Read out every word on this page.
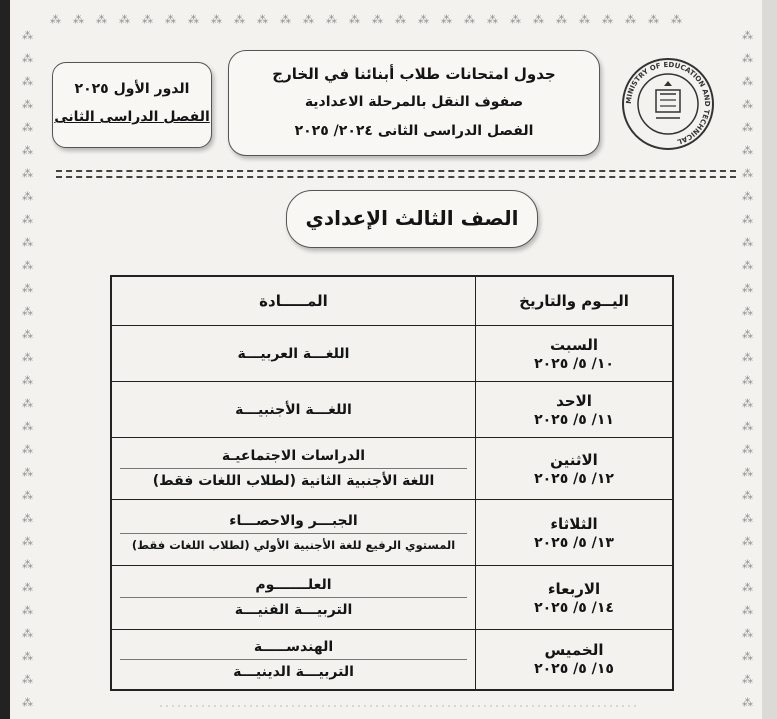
⁂ ⁂ ⁂ ⁂ ⁂ ⁂ ⁂ ⁂ ⁂ ⁂ ⁂ ⁂ ⁂ ⁂ ⁂ ⁂ ⁂ ⁂ ⁂ ⁂ ⁂ ⁂ ⁂ ⁂ ⁂ ⁂ ⁂ ⁂
⁂
⁂
⁂
⁂
⁂
⁂
⁂
⁂
⁂
⁂
⁂
⁂
⁂
⁂
⁂
⁂
⁂
⁂
⁂
⁂
⁂
⁂
⁂
⁂
⁂
⁂
⁂
⁂
⁂
⁂
⁂
⁂
⁂
⁂
⁂
⁂
⁂
⁂
⁂
⁂
⁂
⁂
⁂
⁂
⁂
⁂
⁂
⁂
⁂
⁂
⁂
⁂
⁂
⁂
⁂
⁂
⁂
⁂
⁂
⁂
جدول امتحانات طلاب أبنائنا في الخارج
صفوف النقل بالمرحلة الاعدادية
الفصل الدراسى الثانى ٢٠٢٤/ ٢٠٢٥
الدور الأول ٢٠٢٥
الفصل الدراسى الثانى
MINISTRY OF EDUCATION AND TECHNICAL
الصف الثالث الإعدادي
اليــوم والتاريخ	المـــــادة

السبت
١٠/ ٥/ ٢٠٢٥	اللغـــة العربيـــة

الاحد
١١/ ٥/ ٢٠٢٥	اللغـــة الأجنبيـــة

الاثنين
١٢/ ٥/ ٢٠٢٥	الدراسات الاجتماعيـة
اللغة الأجنبية الثانية (لطلاب اللغات فقط)

الثلاثاء
١٣/ ٥/ ٢٠٢٥	الجبـــر والاحصـــاء
المستوي الرفيع للغة الأجنبية الأولي (لطلاب اللغات فقط)

الاربعاء
١٤/ ٥/ ٢٠٢٥	العلـــــــوم
التربيـــة الفنيـــة

الخميس
١٥/ ٥/ ٢٠٢٥	الهندســـــة
التربيـــة الدينيـــة
